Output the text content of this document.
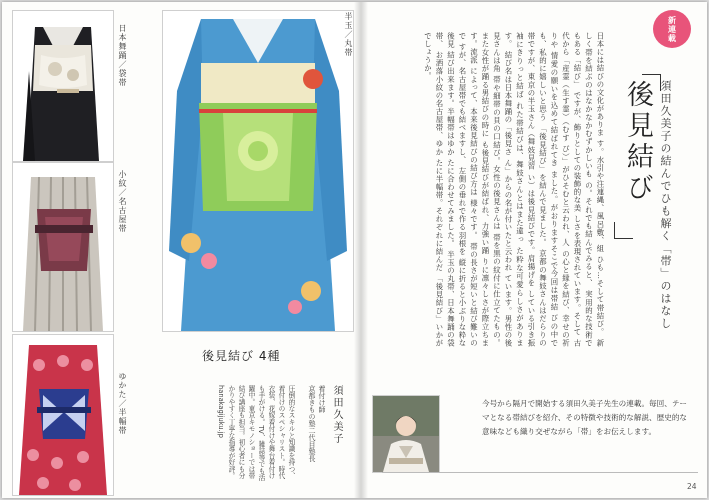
日本舞踊／袋帯	半玉／丸帯
小紋／名古屋帯
ゆかた／半幅帯
後見結び 4種
須田久美子
着付け師
京都きもの塾二代目塾長
圧倒的なスキルと知識を持つ、着付けのスペシャリスト。時代衣装、花嫁着付けや舞台着付けも手がける。TV、雑誌等でも活躍中。東京キモノショーでは帯結び講座も担当。初心者にも分かりやすく丁寧な指導が好評。 hanakagijuku.jp
日本には結びの文化がありま す。水引や注連縄、風呂敷、組 ひも…そして帯結び。 新しく帯を結ぶのはなかなかむずかしいも の。それでも結んでみると、 実用的な技術でもある「結び」 ですが、飾りとしての装飾的な美 しさを表現されています。そして 古代から「産霊（生す霊）（むす び）」がひそむと云われ、人 の心と縁を結び、幸せの祈りや 情愛の願いを込めて結ばれてき ました。がおりますそこで今回は帯結 びの中でも、私的に嬉しいと思う 「後見結び」を結んで見ました。 京都の舞妓さんはだらりの帯ですが、東京の半玉さん（舞妓見習 い）は後見結びです。肩揚げを している引き振袖にきりっと結ば れた帯結びは、舞妓さんとはまた違っ た粋な可愛らしさがあります。 結び名は日本舞踊の「後見さ ん」からの名が付いたと云われ ています。男性の後見さんは角 帯や細帯の貝の口結び。女性の後見さんは 帯を黒の紋付に仕立てたもの。また女性が踊る男結びの時に も後見結びが結ばれ、力強い踊 りに凛々しさが際立ちます。流派 によって、本来後見結びの結び方は 様々です。 帯の長さが短いと結び難いので すが、名古屋帯でも結べますし、 左側の垂れで作る羽根を 縦に折ると小ぶりな粋な後見 結び出来ます。半幅帯はゆか たに合わせてみました。 半玉の丸帯、日本舞踊の袋帯、 お洒落小紋の名古屋帯、ゆか たに半幅帯。それぞれに結んだ 「後見結び」いかがでしょうか。
新連載
須田久美子の結んでひも解く「帯」のはなし
後見結び
今号から隔月で開始する須田久美子先生の連載。毎回、テーマとなる帯結びを紹介、その特徴や技術的な解説、歴史的な意味なども織り交ぜながら「帯」をお伝えします。
24
